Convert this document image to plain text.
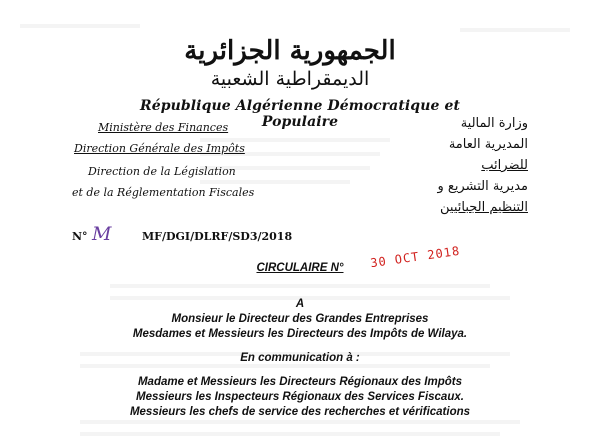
الجمهورية الجزائرية
الديمقراطية الشعبية
République Algérienne Démocratique et Populaire
Ministère des Finances
Direction Générale des Impôts
Direction de la Législation
et de la Réglementation Fiscales
وزارة المالية
المديرية العامة
للضرائب
مديرية التشريع و
التنظيم الجبائيين
N° M	MF/DGI/DLRF/SD3/2018
30 OCT 2018
CIRCULAIRE N°
A
Monsieur le Directeur des Grandes Entreprises
Mesdames et Messieurs les Directeurs des Impôts de Wilaya.
En communication à :
Madame et Messieurs les Directeurs Régionaux des Impôts
Messieurs les Inspecteurs Régionaux des Services Fiscaux.
Messieurs les chefs de service des recherches et vérifications
